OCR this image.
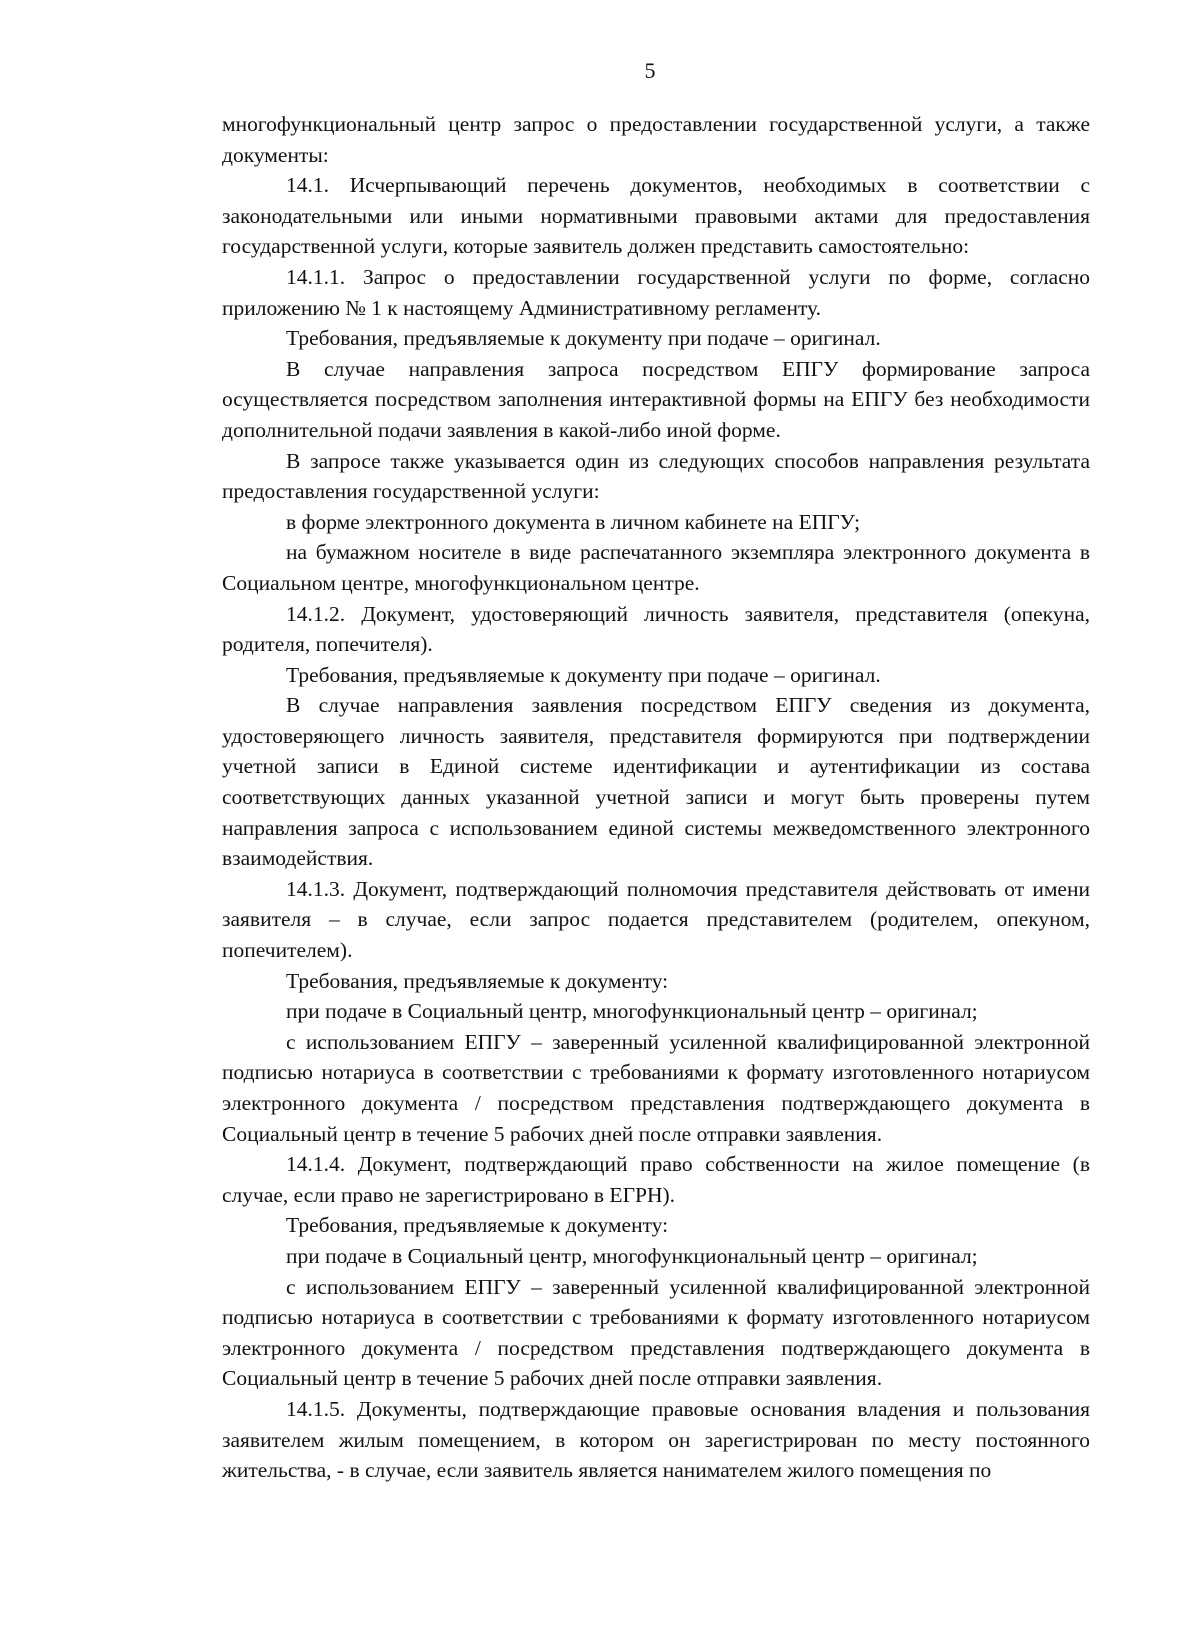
5

многофункциональный центр запрос о предоставлении государственной услуги, а также документы:

14.1. Исчерпывающий перечень документов, необходимых в соответствии с законодательными или иными нормативными правовыми актами для предоставления государственной услуги, которые заявитель должен представить самостоятельно:

14.1.1. Запрос о предоставлении государственной услуги по форме, согласно приложению № 1 к настоящему Административному регламенту.

Требования, предъявляемые к документу при подаче – оригинал.

В случае направления запроса посредством ЕПГУ формирование запроса осуществляется посредством заполнения интерактивной формы на ЕПГУ без необходимости дополнительной подачи заявления в какой-либо иной форме.

В запросе также указывается один из следующих способов направления результата предоставления государственной услуги:

в форме электронного документа в личном кабинете на ЕПГУ;

на бумажном носителе в виде распечатанного экземпляра электронного документа в Социальном центре, многофункциональном центре.

14.1.2. Документ, удостоверяющий личность заявителя, представителя (опекуна, родителя, попечителя).

Требования, предъявляемые к документу при подаче – оригинал.

В случае направления заявления посредством ЕПГУ сведения из документа, удостоверяющего личность заявителя, представителя формируются при подтверждении учетной записи в Единой системе идентификации и аутентификации из состава соответствующих данных указанной учетной записи и могут быть проверены путем направления запроса с использованием единой системы межведомственного электронного взаимодействия.

14.1.3. Документ, подтверждающий полномочия представителя действовать от имени заявителя – в случае, если запрос подается представителем (родителем, опекуном, попечителем).

Требования, предъявляемые к документу:

при подаче в Социальный центр, многофункциональный центр – оригинал;

с использованием ЕПГУ – заверенный усиленной квалифицированной электронной подписью нотариуса в соответствии с требованиями к формату изготовленного нотариусом электронного документа / посредством представления подтверждающего документа в Социальный центр в течение 5 рабочих дней после отправки заявления.

14.1.4. Документ, подтверждающий право собственности на жилое помещение (в случае, если право не зарегистрировано в ЕГРН).

Требования, предъявляемые к документу:

при подаче в Социальный центр, многофункциональный центр – оригинал;

с использованием ЕПГУ – заверенный усиленной квалифицированной электронной подписью нотариуса в соответствии с требованиями к формату изготовленного нотариусом электронного документа / посредством представления подтверждающего документа в Социальный центр в течение 5 рабочих дней после отправки заявления.

14.1.5. Документы, подтверждающие правовые основания владения и пользования заявителем жилым помещением, в котором он зарегистрирован по месту постоянного жительства, - в случае, если заявитель является нанимателем жилого помещения по
